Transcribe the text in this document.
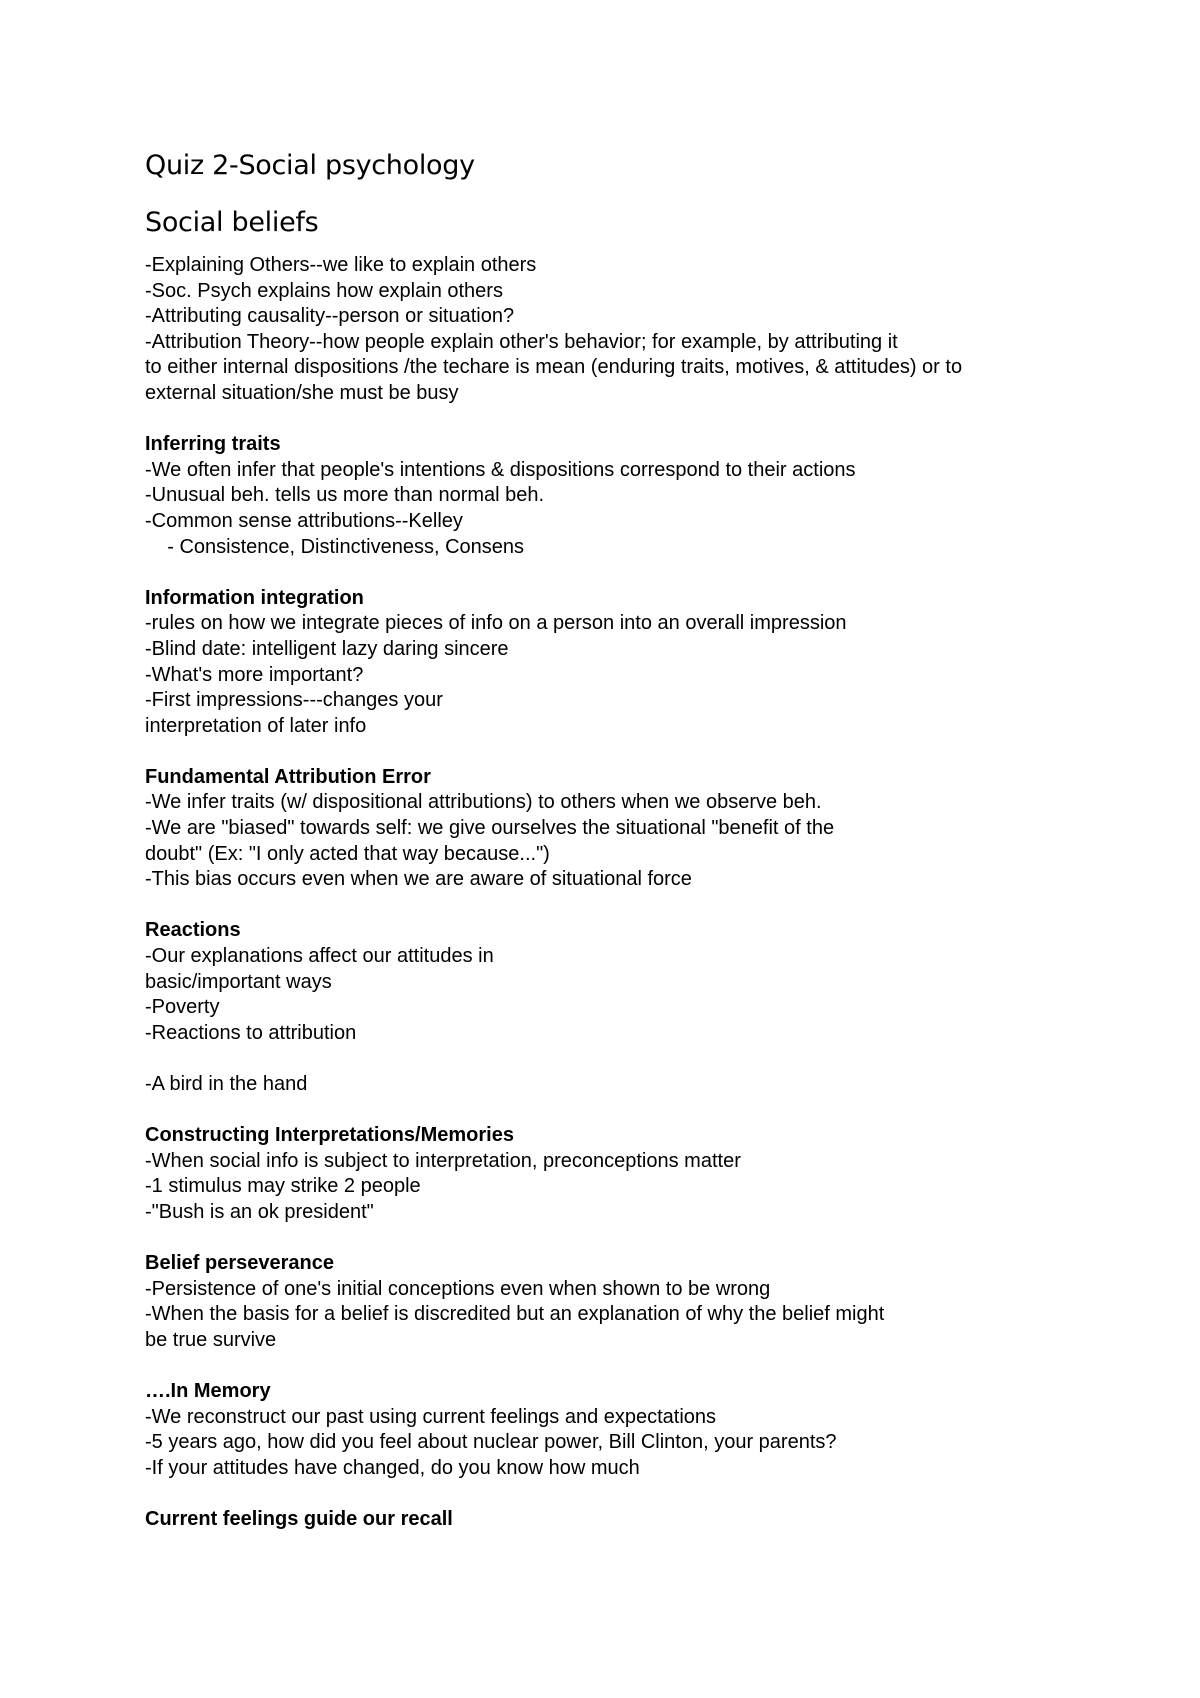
Quiz 2-Social psychology
Social beliefs
-Explaining Others--we like to explain others
-Soc. Psych explains how explain others
-Attributing causality--person or situation?
-Attribution Theory--how people explain other's behavior; for example, by attributing it
to either internal dispositions /the techare is mean (enduring traits, motives, & attitudes) or to
external situation/she must be busy
Inferring traits
-We often infer that people's intentions & dispositions correspond to their actions
-Unusual beh. tells us more than normal beh.
-Common sense attributions--Kelley
- Consistence, Distinctiveness, Consens
Information integration
-rules on how we integrate pieces of info on a person into an overall impression
-Blind date: intelligent lazy daring sincere
-What's more important?
-First impressions---changes your
interpretation of later info
Fundamental Attribution Error
-We infer traits (w/ dispositional attributions) to others when we observe beh.
-We are "biased" towards self: we give ourselves the situational "benefit of the
doubt" (Ex: "I only acted that way because...")
-This bias occurs even when we are aware of situational force
Reactions
-Our explanations affect our attitudes in
basic/important ways
-Poverty
-Reactions to attribution
-A bird in the hand
Constructing Interpretations/Memories
-When social info is subject to interpretation, preconceptions matter
-1 stimulus may strike 2 people
-"Bush is an ok president"
Belief perseverance
-Persistence of one's initial conceptions even when shown to be wrong
-When the basis for a belief is discredited but an explanation of why the belief might
be true survive
….In Memory
-We reconstruct our past using current feelings and expectations
-5 years ago, how did you feel about nuclear power, Bill Clinton, your parents?
-If your attitudes have changed, do you know how much
Current feelings guide our recall
